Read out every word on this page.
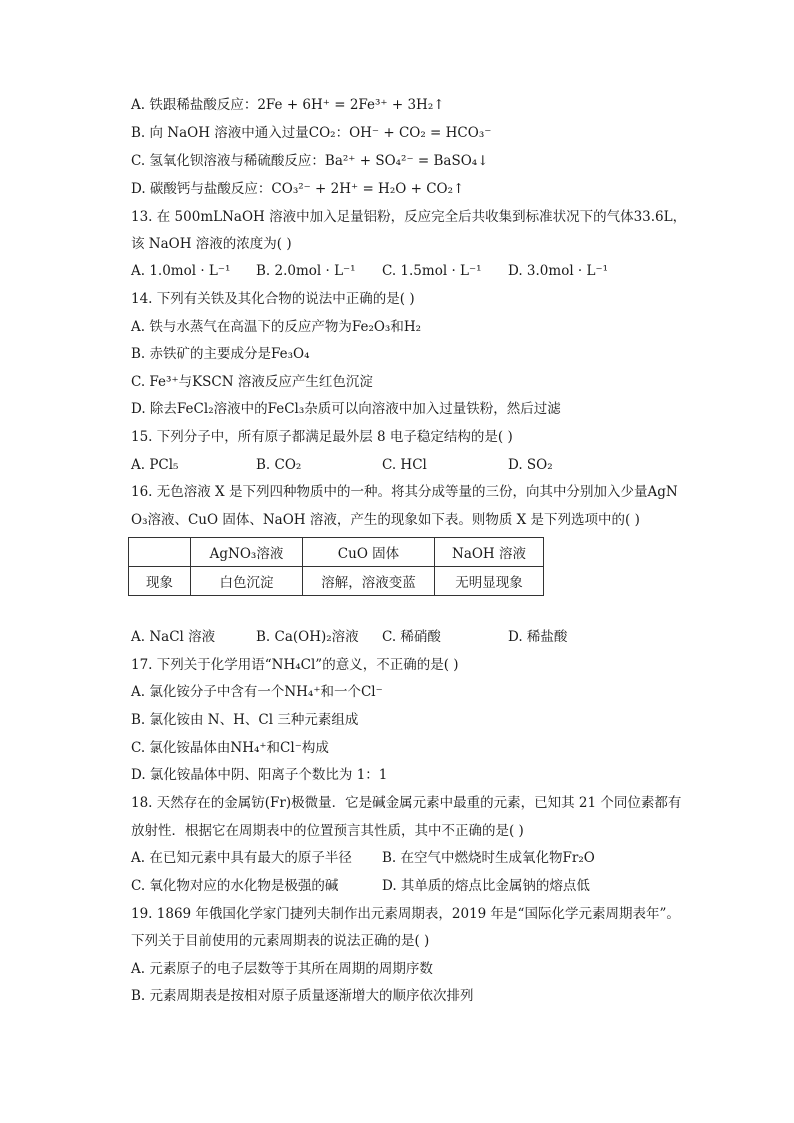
A. 铁跟稀盐酸反应：2Fe + 6H⁺ = 2Fe³⁺ + 3H₂↑
B. 向 NaOH 溶液中通入过量CO₂：OH⁻ + CO₂ = HCO₃⁻
C. 氢氧化钡溶液与稀硫酸反应：Ba²⁺ + SO₄²⁻ = BaSO₄↓
D. 碳酸钙与盐酸反应：CO₃²⁻ + 2H⁺ = H₂O + CO₂↑
13. 在 500mLNaOH 溶液中加入足量铝粉，反应完全后共收集到标准状况下的气体33.6L，
该 NaOH 溶液的浓度为( )
A. 1.0mol · L⁻¹ B. 2.0mol · L⁻¹ C. 1.5mol · L⁻¹ D. 3.0mol · L⁻¹
14. 下列有关铁及其化合物的说法中正确的是( )
A. 铁与水蒸气在高温下的反应产物为Fe₂O₃和H₂
B. 赤铁矿的主要成分是Fe₃O₄
C. Fe³⁺与KSCN 溶液反应产生红色沉淀
D. 除去FeCl₂溶液中的FeCl₃杂质可以向溶液中加入过量铁粉，然后过滤
15. 下列分子中，所有原子都满足最外层 8 电子稳定结构的是( )
A. PCl₅	B. CO₂	C. HCl	D. SO₂
16. 无色溶液 X 是下列四种物质中的一种。将其分成等量的三份，向其中分别加入少量AgN
O₃溶液、CuO 固体、NaOH 溶液，产生的现象如下表。则物质 X 是下列选项中的( )
	AgNO₃溶液	CuO 固体	NaOH 溶液
现象	白色沉淀	溶解，溶液变蓝	无明显现象
A. NaCl 溶液	B. Ca(OH)₂溶液 C. 稀硝酸	D. 稀盐酸
17. 下列关于化学用语“NH₄Cl”的意义，不正确的是( )
A. 氯化铵分子中含有一个NH₄⁺和一个Cl⁻
B. 氯化铵由 N、H、Cl 三种元素组成
C. 氯化铵晶体由NH₄⁺和Cl⁻构成
D. 氯化铵晶体中阴、阳离子个数比为 1：1
18. 天然存在的金属钫(Fr)极微量．它是碱金属元素中最重的元素，已知其 21 个同位素都有
放射性．根据它在周期表中的位置预言其性质，其中不正确的是( )
A. 在已知元素中具有最大的原子半径 B. 在空气中燃烧时生成氧化物Fr₂O
C. 氧化物对应的水化物是极强的碱	D. 其单质的熔点比金属钠的熔点低
19. 1869 年俄国化学家门捷列夫制作出元素周期表，2019 年是“国际化学元素周期表年”。
下列关于目前使用的元素周期表的说法正确的是( )
A. 元素原子的电子层数等于其所在周期的周期序数
B. 元素周期表是按相对原子质量逐渐增大的顺序依次排列
